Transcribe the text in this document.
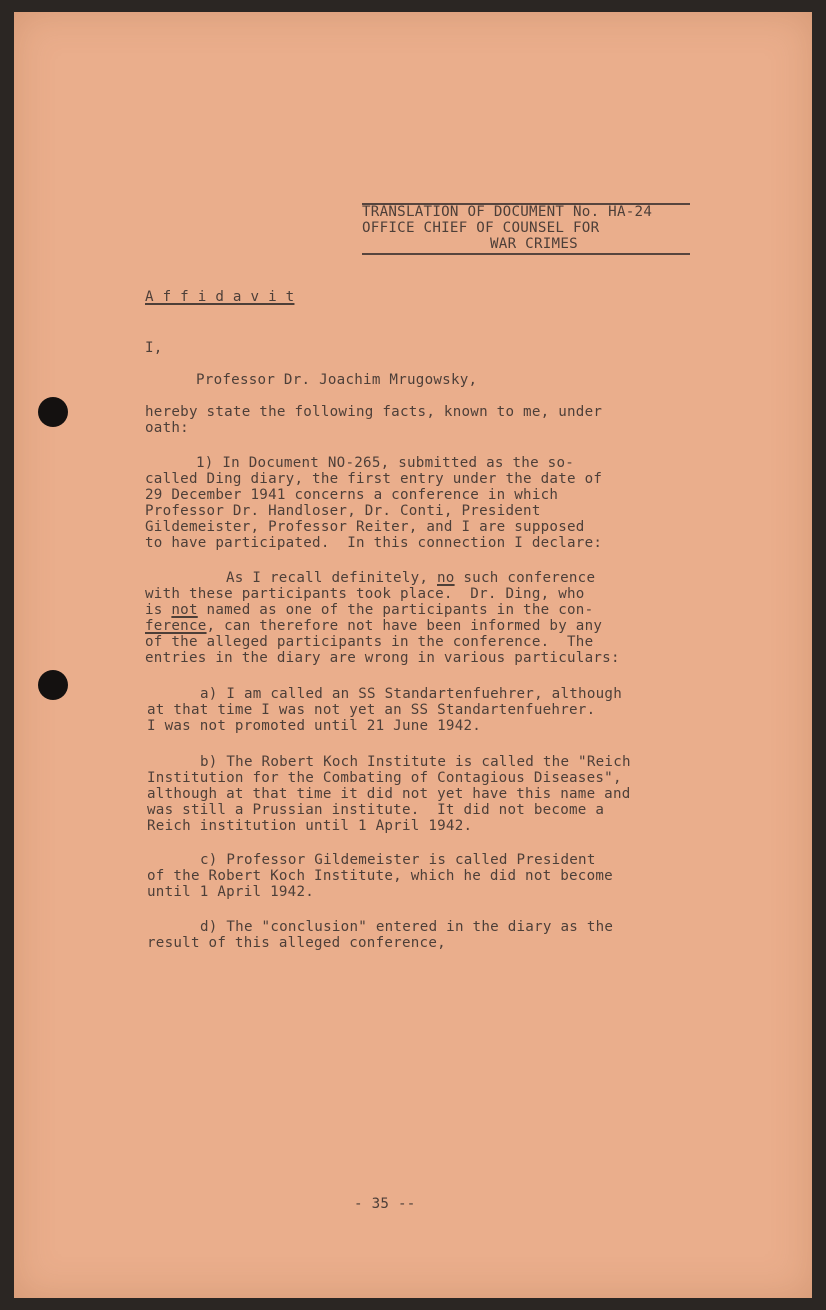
TRANSLATION OF DOCUMENT No. HA-24
OFFICE CHIEF OF COUNSEL FOR
WAR CRIMES
A f f i d a v i t
I,
Professor Dr. Joachim Mrugowsky,
hereby state the following facts, known to me, under
oath:
1) In Document NO-265, submitted as the so-
called Ding diary, the first entry under the date of
29 December 1941 concerns a conference in which
Professor Dr. Handloser, Dr. Conti, President
Gildemeister, Professor Reiter, and I are supposed
to have participated.  In this connection I declare:
As I recall definitely, no such conference
with these participants took place.  Dr. Ding, who
is not named as one of the participants in the con-
ference, can therefore not have been informed by any
of the alleged participants in the conference.  The
entries in the diary are wrong in various particulars:
a) I am called an SS Standartenfuehrer, although
at that time I was not yet an SS Standartenfuehrer.
I was not promoted until 21 June 1942.
b) The Robert Koch Institute is called the "Reich
Institution for the Combating of Contagious Diseases",
although at that time it did not yet have this name and
was still a Prussian institute.  It did not become a
Reich institution until 1 April 1942.
c) Professor Gildemeister is called President
of the Robert Koch Institute, which he did not become
until 1 April 1942.
d) The "conclusion" entered in the diary as the
result of this alleged conference,
- 35 --
